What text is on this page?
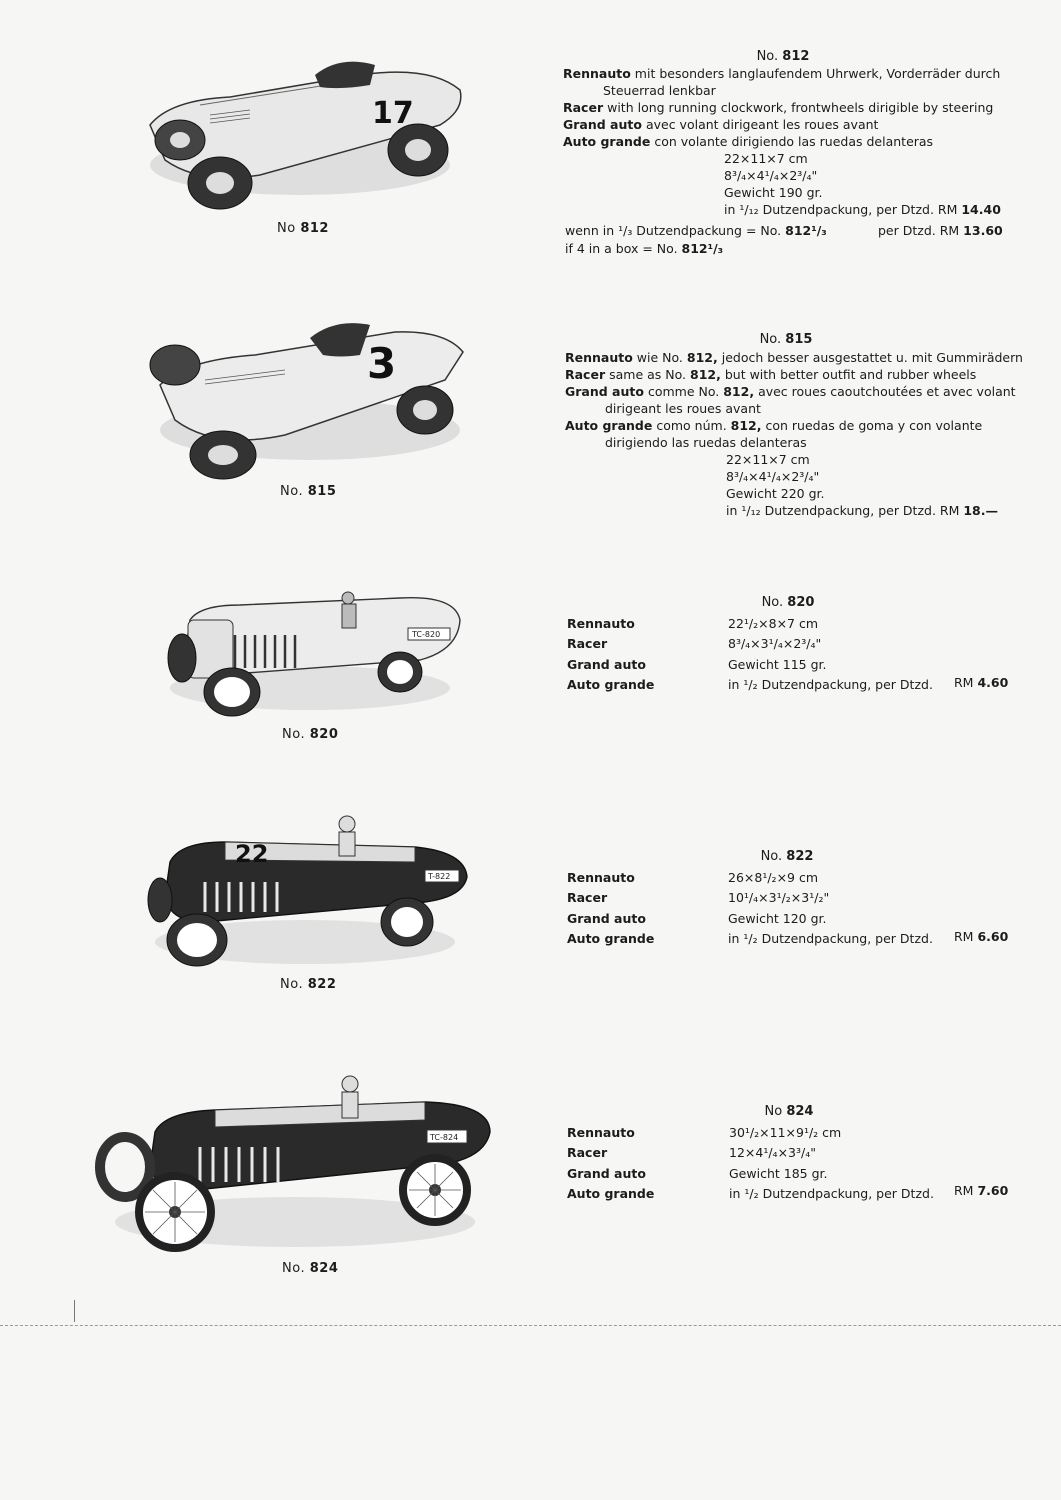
17
No 812
No. 812

Rennauto mit besonders langlaufendem Uhrwerk, Vorderräder durch

Steuerrad lenkbar

Racer with long running clockwork, frontwheels dirigible by steering

Grand auto avec volant dirigeant les roues avant

Auto grande con volante dirigiendo las ruedas delanteras

22×11×7 cm
8³/₄×4¹/₄×2³/₄"
Gewicht 190 gr.
in ¹/₁₂ Dutzendpackung, per Dtzd. RM 14.40
wenn in ¹/₃ Dutzendpackung = No. 812¹/₃	per Dtzd. RM 13.60
if 4 in a box = No. 812¹/₃
3
No. 815
No. 815

Rennauto wie No. 812, jedoch besser ausgestattet u. mit Gummirädern

Racer same as No. 812, but with better outfit and rubber wheels

Grand auto comme No. 812, avec roues caoutchoutées et avec volant

dirigeant les roues avant

Auto grande como núm. 812, con ruedas de goma y con volante

dirigiendo las ruedas delanteras

22×11×7 cm
8³/₄×4¹/₄×2³/₄"
Gewicht 220 gr.
in ¹/₁₂ Dutzendpackung, per Dtzd. RM 18.—
TC-820
No. 820
No. 820
Rennauto
Racer
Grand auto
Auto grande
22¹/₂×8×7 cm
8³/₄×3¹/₄×2³/₄"
Gewicht 115 gr.
in ¹/₂ Dutzendpackung, per Dtzd. RM 4.60
22
T-822
No. 822
No. 822
Rennauto
Racer
Grand auto
Auto grande
26×8¹/₂×9 cm
10¹/₄×3¹/₂×3¹/₂"
Gewicht 120 gr.
in ¹/₂ Dutzendpackung, per Dtzd. RM 6.60
TC-824
No. 824
No 824
Rennauto
Racer
Grand auto
Auto grande
30¹/₂×11×9¹/₂ cm
12×4¹/₄×3³/₄"
Gewicht 185 gr.
in ¹/₂ Dutzendpackung, per Dtzd. RM 7.60
